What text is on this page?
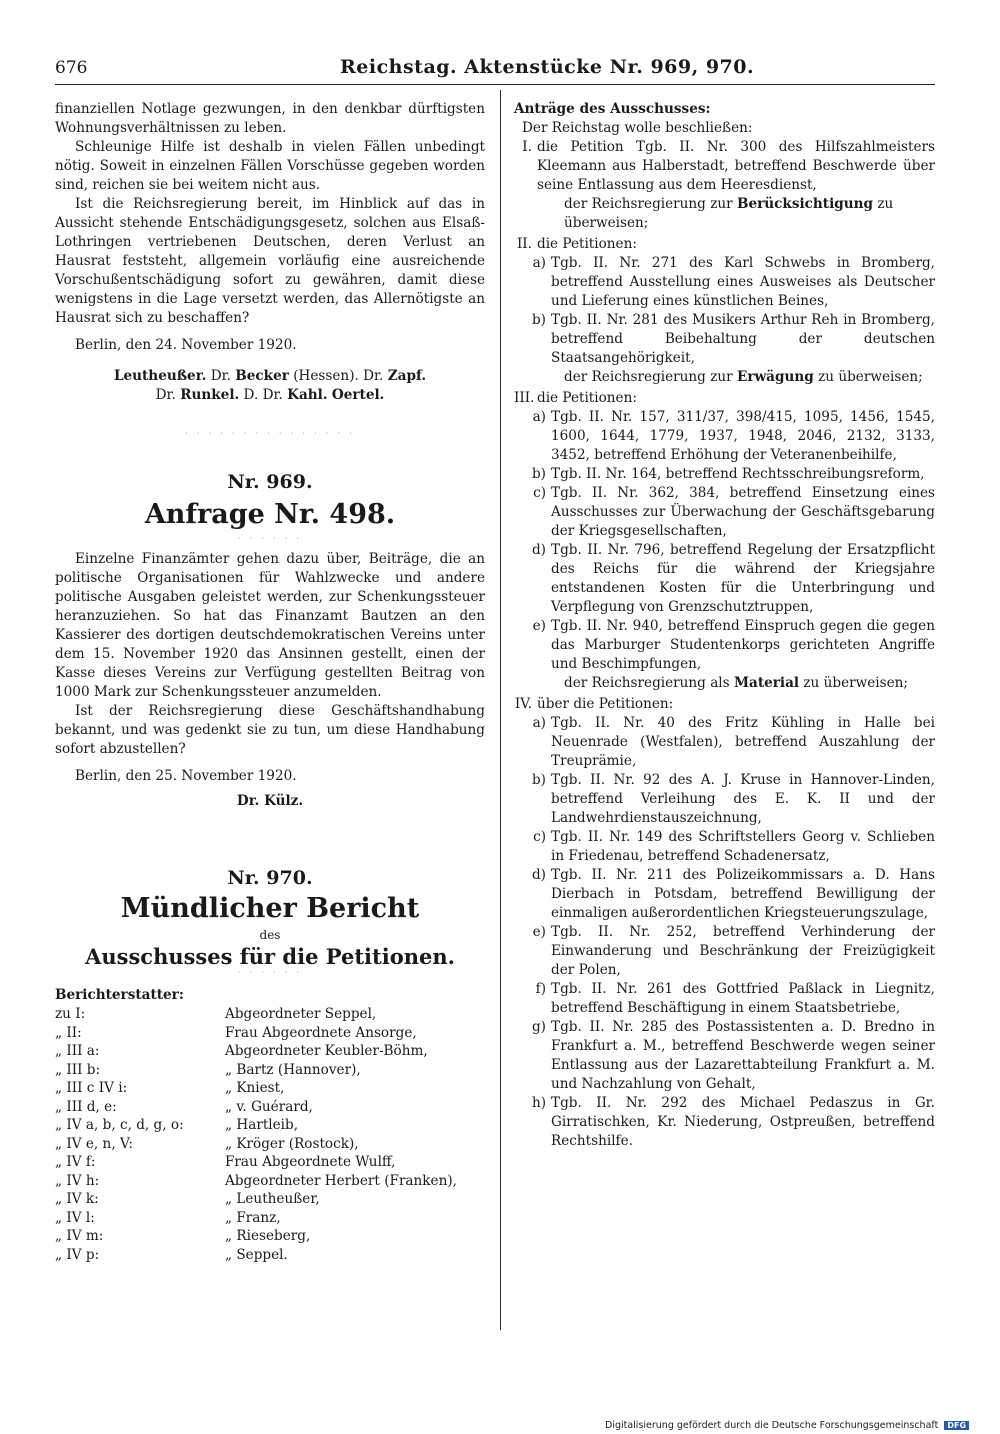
676	Reichstag. Aktenstücke Nr. 969, 970.

finanziellen Notlage gezwungen, in den denkbar dürftigsten Wohnungsverhältnissen zu leben.

Schleunige Hilfe ist deshalb in vielen Fällen unbedingt nötig. Soweit in einzelnen Fällen Vorschüsse gegeben worden sind, reichen sie bei weitem nicht aus.

Ist die Reichsregierung bereit, im Hinblick auf das in Aussicht stehende Entschädigungsgesetz, solchen aus Elsaß-Lothringen vertriebenen Deutschen, deren Verlust an Hausrat feststeht, allgemein vorläufig eine ausreichende Vorschußentschädigung sofort zu gewähren, damit diese wenigstens in die Lage versetzt werden, das Allernötigste an Hausrat sich zu beschaffen?

Berlin, den 24. November 1920.

Leutheußer. Dr. Becker (Hessen). Dr. Zapf.
Dr. Runkel. D. Dr. Kahl. Oertel.
· · · · · · · · · · · · · · ·
Nr. 969.
Anfrage Nr. 498.
· · · · · ·

Einzelne Finanzämter gehen dazu über, Beiträge, die an politische Organisationen für Wahlzwecke und andere politische Ausgaben geleistet werden, zur Schenkungssteuer heranzuziehen. So hat das Finanzamt Bautzen an den Kassierer des dortigen deutschdemokratischen Vereins unter dem 15. November 1920 das Ansinnen gestellt, einen der Kasse dieses Vereins zur Verfügung gestellten Beitrag von 1000 Mark zur Schenkungssteuer anzumelden.

Ist der Reichsregierung diese Geschäftshandhabung bekannt, und was gedenkt sie zu tun, um diese Handhabung sofort abzustellen?

Berlin, den 25. November 1920.

Dr. Külz.
Nr. 970.
Mündlicher Bericht
des
Ausschusses für die Petitionen.
· · · · · ·
Berichterstatter:
zu I:	Abgeordneter Seppel,
„ II:	Frau Abgeordnete Ansorge,
„ III a:	Abgeordneter Keubler-Böhm,
„ III b:	„ Bartz (Hannover),
„ III c IV i:	„ Kniest,
„ III d, e:	„ v. Guérard,
„ IV a, b, c, d, g, o:	„ Hartleib,
„ IV e, n, V:	„ Kröger (Rostock),
„ IV f:	Frau Abgeordnete Wulff,
„ IV h:	Abgeordneter Herbert (Franken),
„ IV k:	„ Leutheußer,
„ IV l:	„ Franz,
„ IV m:	„ Rieseberg,
„ IV p:	„ Seppel.
Anträge des Ausschusses:
Der Reichstag wolle beschließen:
I. die Petition Tgb. II. Nr. 300 des Hilfszahlmeisters Kleemann aus Halberstadt, betreffend Beschwerde über seine Entlassung aus dem Heeresdienst,
der Reichsregierung zur Berücksichtigung zu überweisen;
II. die Petitionen:
a) Tgb. II. Nr. 271 des Karl Schwebs in Bromberg, betreffend Ausstellung eines Ausweises als Deutscher und Lieferung eines künstlichen Beines,
b) Tgb. II. Nr. 281 des Musikers Arthur Reh in Bromberg, betreffend Beibehaltung der deutschen Staatsangehörigkeit,
der Reichsregierung zur Erwägung zu überweisen;
III. die Petitionen:
a) Tgb. II. Nr. 157, 311/37, 398/415, 1095, 1456, 1545, 1600, 1644, 1779, 1937, 1948, 2046, 2132, 3133, 3452, betreffend Erhöhung der Veteranenbeihilfe,
b) Tgb. II. Nr. 164, betreffend Rechtsschreibungsreform,
c) Tgb. II. Nr. 362, 384, betreffend Einsetzung eines Ausschusses zur Überwachung der Geschäftsgebarung der Kriegsgesellschaften,
d) Tgb. II. Nr. 796, betreffend Regelung der Ersatzpflicht des Reichs für die während der Kriegsjahre entstandenen Kosten für die Unterbringung und Verpflegung von Grenzschutztruppen,
e) Tgb. II. Nr. 940, betreffend Einspruch gegen die gegen das Marburger Studentenkorps gerichteten Angriffe und Beschimpfungen,
der Reichsregierung als Material zu überweisen;
IV. über die Petitionen:
a) Tgb. II. Nr. 40 des Fritz Kühling in Halle bei Neuenrade (Westfalen), betreffend Auszahlung der Treuprämie,
b) Tgb. II. Nr. 92 des A. J. Kruse in Hannover-Linden, betreffend Verleihung des E. K. II und der Landwehrdienstauszeichnung,
c) Tgb. II. Nr. 149 des Schriftstellers Georg v. Schlieben in Friedenau, betreffend Schadenersatz,
d) Tgb. II. Nr. 211 des Polizeikommissars a. D. Hans Dierbach in Potsdam, betreffend Bewilligung der einmaligen außerordentlichen Kriegsteuerungszulage,
e) Tgb. II. Nr. 252, betreffend Verhinderung der Einwanderung und Beschränkung der Freizügigkeit der Polen,
f) Tgb. II. Nr. 261 des Gottfried Paßlack in Liegnitz, betreffend Beschäftigung in einem Staatsbetriebe,
g) Tgb. II. Nr. 285 des Postassistenten a. D. Bredno in Frankfurt a. M., betreffend Beschwerde wegen seiner Entlassung aus der Lazarettabteilung Frankfurt a. M. und Nachzahlung von Gehalt,
h) Tgb. II. Nr. 292 des Michael Pedaszus in Gr. Girratischken, Kr. Niederung, Ostpreußen, betreffend Rechtshilfe.
Digitalisierung gefördert durch die Deutsche Forschungsgemeinschaft DFG
